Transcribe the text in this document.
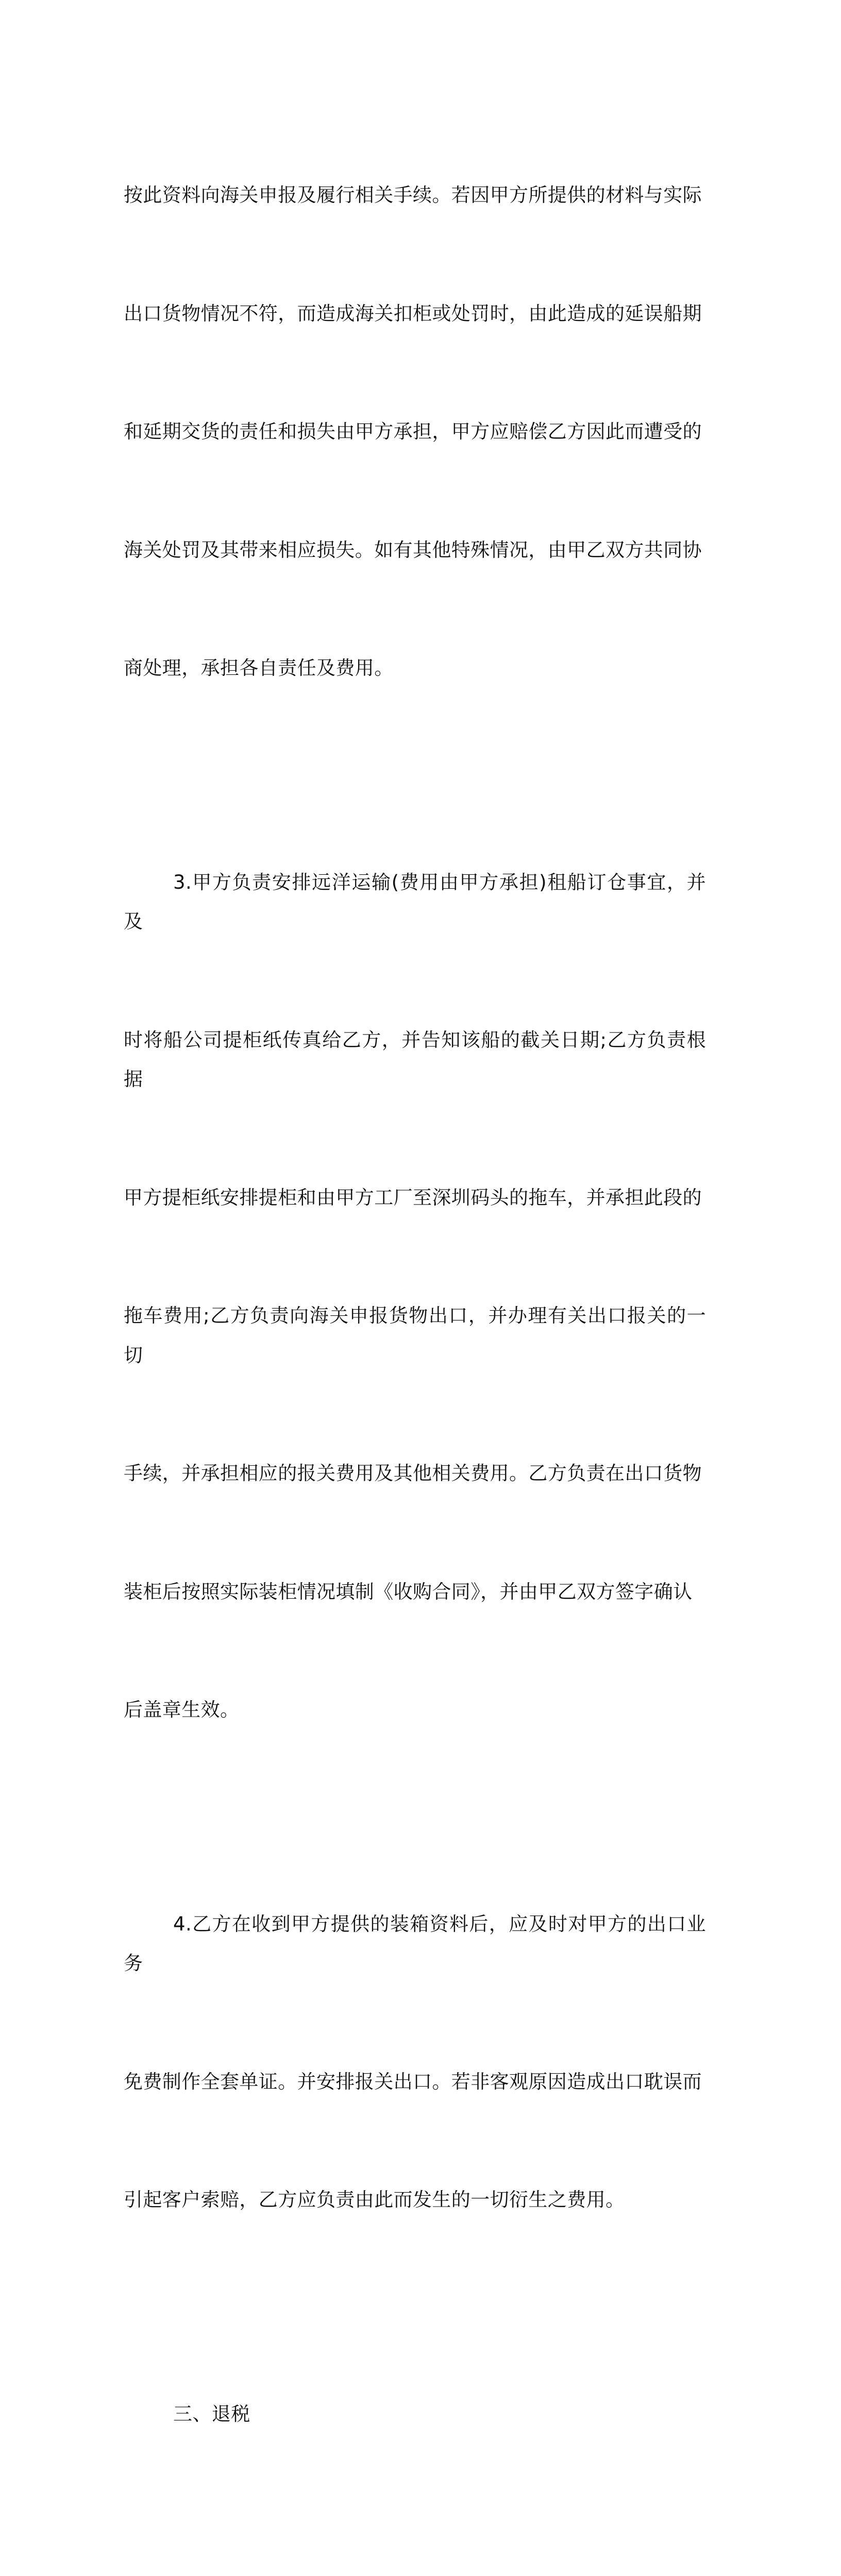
按此资料向海关申报及履行相关手续。若因甲方所提供的材料与实际

出口货物情况不符，而造成海关扣柜或处罚时，由此造成的延误船期

和延期交货的责任和损失由甲方承担，甲方应赔偿乙方因此而遭受的

海关处罚及其带来相应损失。如有其他特殊情况，由甲乙双方共同协

商处理，承担各自责任及费用。

3.甲方负责安排远洋运输(费用由甲方承担)租船订仓事宜，并及

时将船公司提柜纸传真给乙方，并告知该船的截关日期;乙方负责根据

甲方提柜纸安排提柜和由甲方工厂至深圳码头的拖车，并承担此段的

拖车费用;乙方负责向海关申报货物出口，并办理有关出口报关的一切

手续，并承担相应的报关费用及其他相关费用。乙方负责在出口货物

装柜后按照实际装柜情况填制《收购合同》，并由甲乙双方签字确认

后盖章生效。

4.乙方在收到甲方提供的装箱资料后，应及时对甲方的出口业务

免费制作全套单证。并安排报关出口。若非客观原因造成出口耽误而

引起客户索赔，乙方应负责由此而发生的一切衍生之费用。

三、退税
